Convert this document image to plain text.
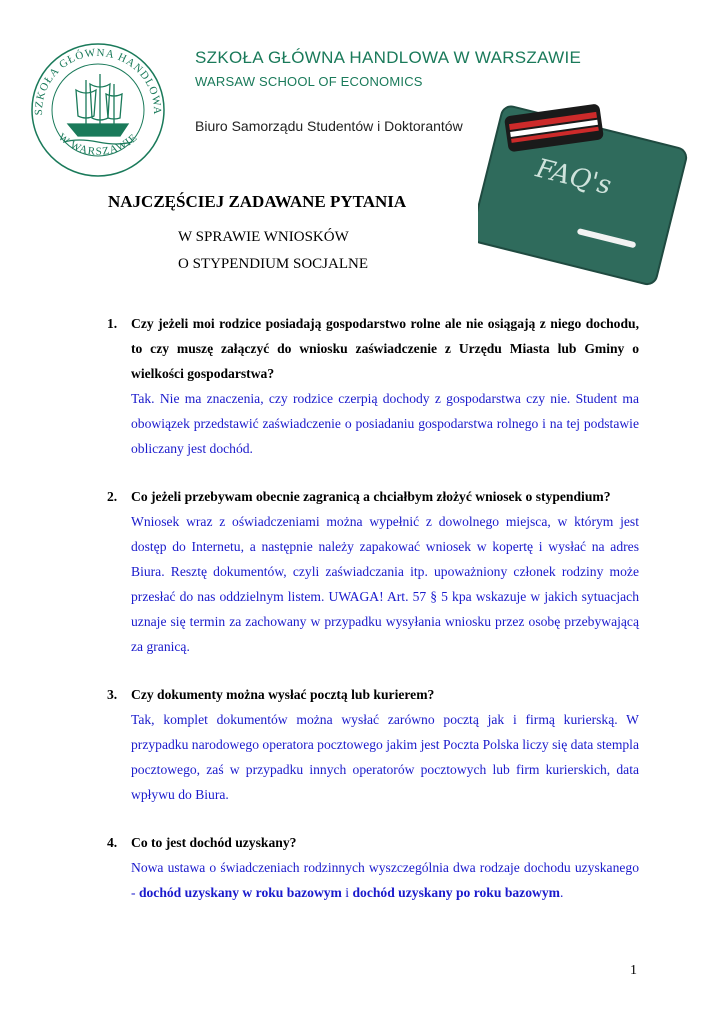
SZKOŁA GŁÓWNA HANDLOWA
W WARSZAWIE
SZKOŁA GŁÓWNA HANDLOWA W WARSZAWIE
WARSAW SCHOOL OF ECONOMICS
Biuro Samorządu Studentów i Doktorantów
FAQ's
NAJCZĘŚCIEJ ZADAWANE PYTANIA
W SPRAWIE WNIOSKÓW
O STYPENDIUM SOCJALNE
1.	Czy jeżeli moi rodzice posiadają gospodarstwo rolne ale nie osiągają z niego dochodu, to czy muszę załączyć do wniosku zaświadczenie z Urzędu Miasta lub Gminy o wielkości gospodarstwa?
Tak. Nie ma znaczenia, czy rodzice czerpią dochody z gospodarstwa czy nie. Student ma obowiązek przedstawić zaświadczenie o posiadaniu gospodarstwa rolnego i na tej podstawie obliczany jest dochód.
2.	Co jeżeli przebywam obecnie zagranicą a chciałbym złożyć wniosek o stypendium?
Wniosek wraz z oświadczeniami można wypełnić z dowolnego miejsca, w którym jest dostęp do Internetu, a następnie należy zapakować wniosek w kopertę i wysłać na adres Biura. Resztę dokumentów, czyli zaświadczania itp. upoważniony członek rodziny może przesłać do nas oddzielnym listem. UWAGA! Art. 57 § 5 kpa wskazuje w jakich sytuacjach uznaje się termin za zachowany w przypadku wysyłania wniosku przez osobę przebywającą za granicą.
3.	Czy dokumenty można wysłać pocztą lub kurierem?
Tak, komplet dokumentów można wysłać zarówno pocztą jak i firmą kurierską. W przypadku narodowego operatora pocztowego jakim jest Poczta Polska liczy się data stempla pocztowego, zaś w przypadku innych operatorów pocztowych lub firm kurierskich, data wpływu do Biura.
4.	Co to jest dochód uzyskany?
Nowa ustawa o świadczeniach rodzinnych wyszczególnia dwa rodzaje dochodu uzyskanego - dochód uzyskany w roku bazowym i dochód uzyskany po roku bazowym.
1
